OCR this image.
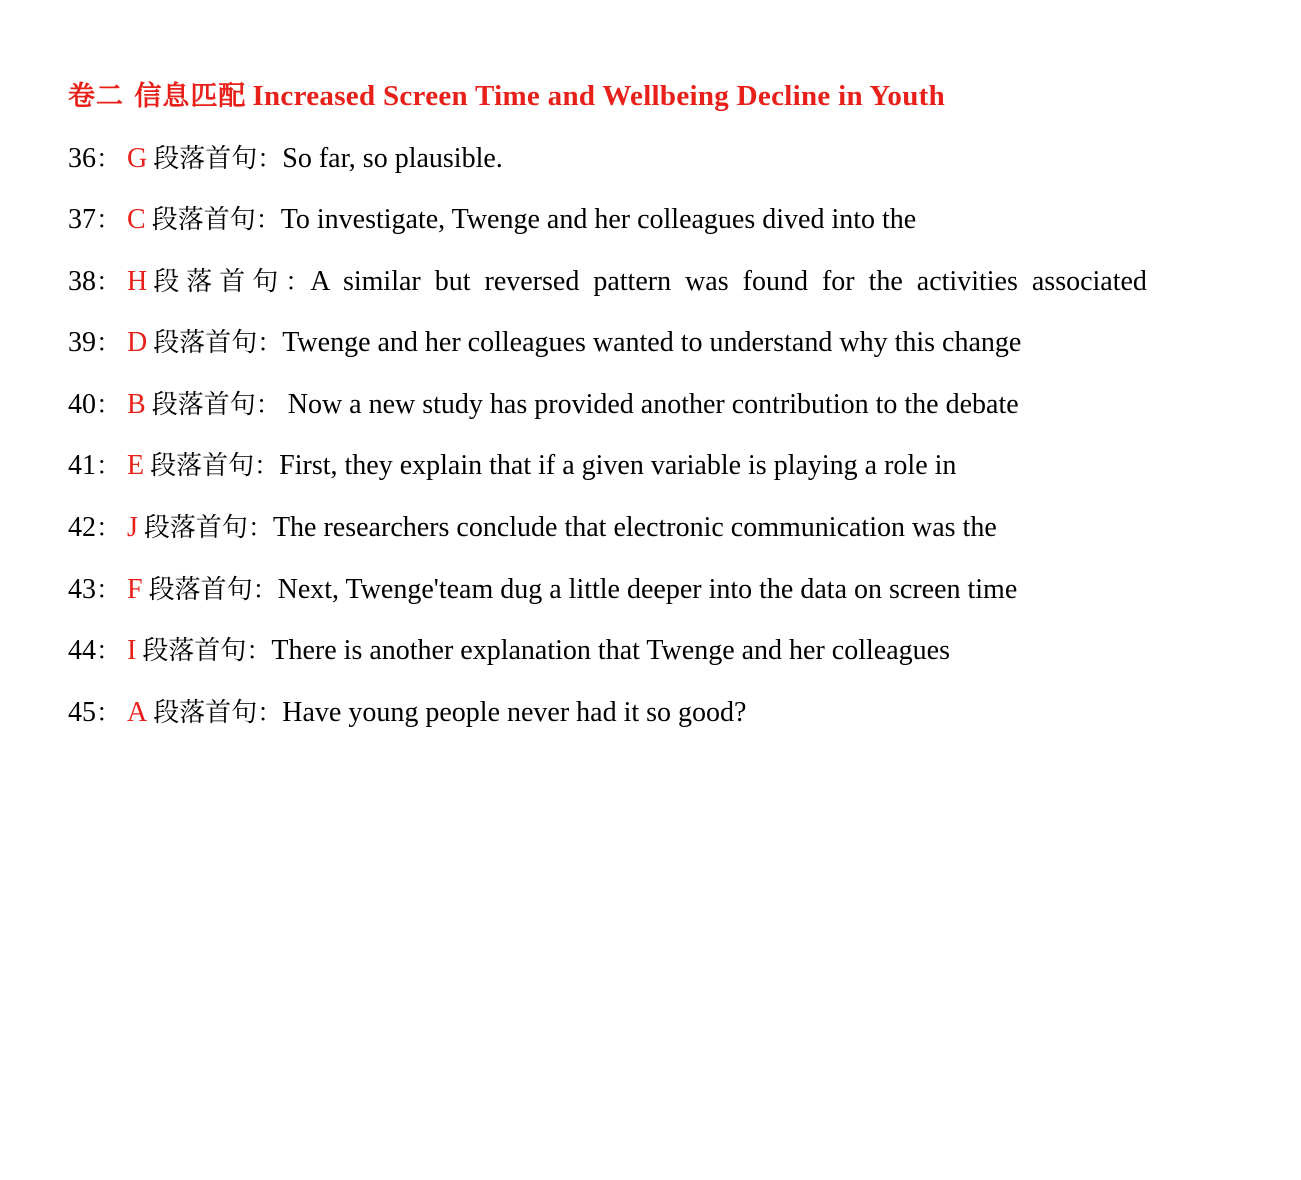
卷二 信息匹配 Increased Screen Time and Wellbeing Decline in Youth

36： G 段落首句：So far, so plausible.

37： C 段落首句：To investigate, Twenge and her colleagues dived into the

38： H 段落首句：A similar but reversed pattern was found for the activities associated

39： D 段落首句：Twenge and her colleagues wanted to understand why this change

40： B 段落首句： Now a new study has provided another contribution to the debate

41： E 段落首句：First, they explain that if a given variable is playing a role in

42： J 段落首句：The researchers conclude that electronic communication was the

43： F 段落首句：Next, Twenge'team dug a little deeper into the data on screen time

44： I 段落首句：There is another explanation that Twenge and her colleagues

45： A 段落首句：Have young people never had it so good?
